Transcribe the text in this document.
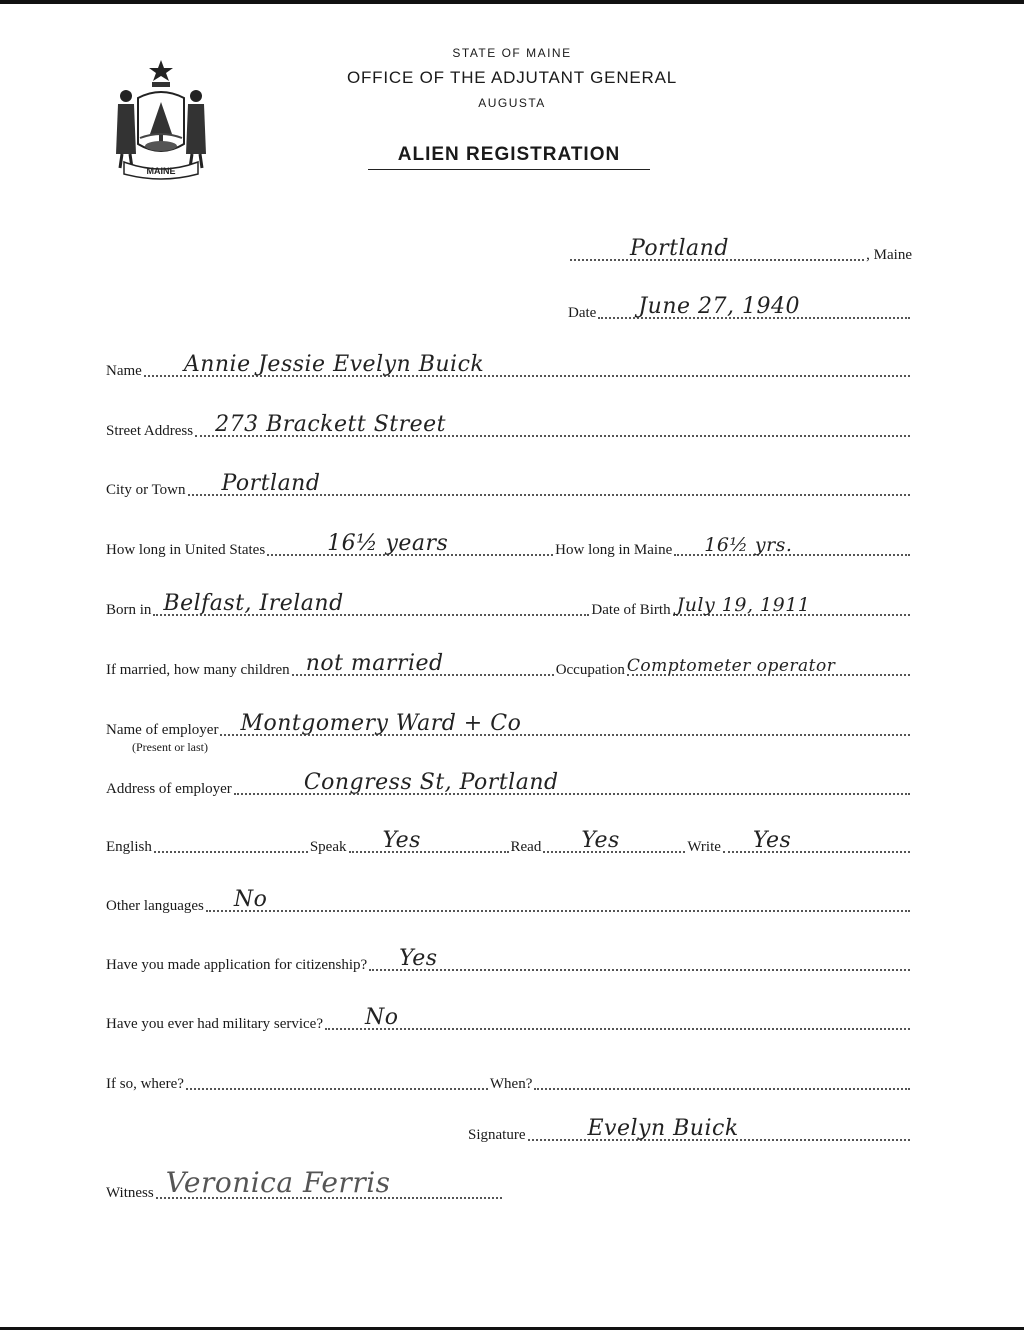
MAINE
STATE OF MAINE
OFFICE OF THE ADJUTANT GENERAL
AUGUSTA
ALIEN REGISTRATION
Portland	, Maine
Date June 27, 1940
Name Annie Jessie Evelyn Buick
Street Address 273 Brackett Street
City or Town Portland
How long in United States	16½ years	How long in Maine 16½ yrs.
Born in Belfast, Ireland	Date of Birth July 19, 1911
If married, how many children not married	Occupation Comptometer operator
Name of employer Montgomery Ward + Co
(Present or last)
Address of employer	Congress St, Portland
English	Speak Yes	Read Yes	Write Yes
Other languages No
Have you made application for citizenship? Yes
Have you ever had military service? No
If so, where?	When?
Signature	Evelyn Buick
Witness Veronica Ferris
